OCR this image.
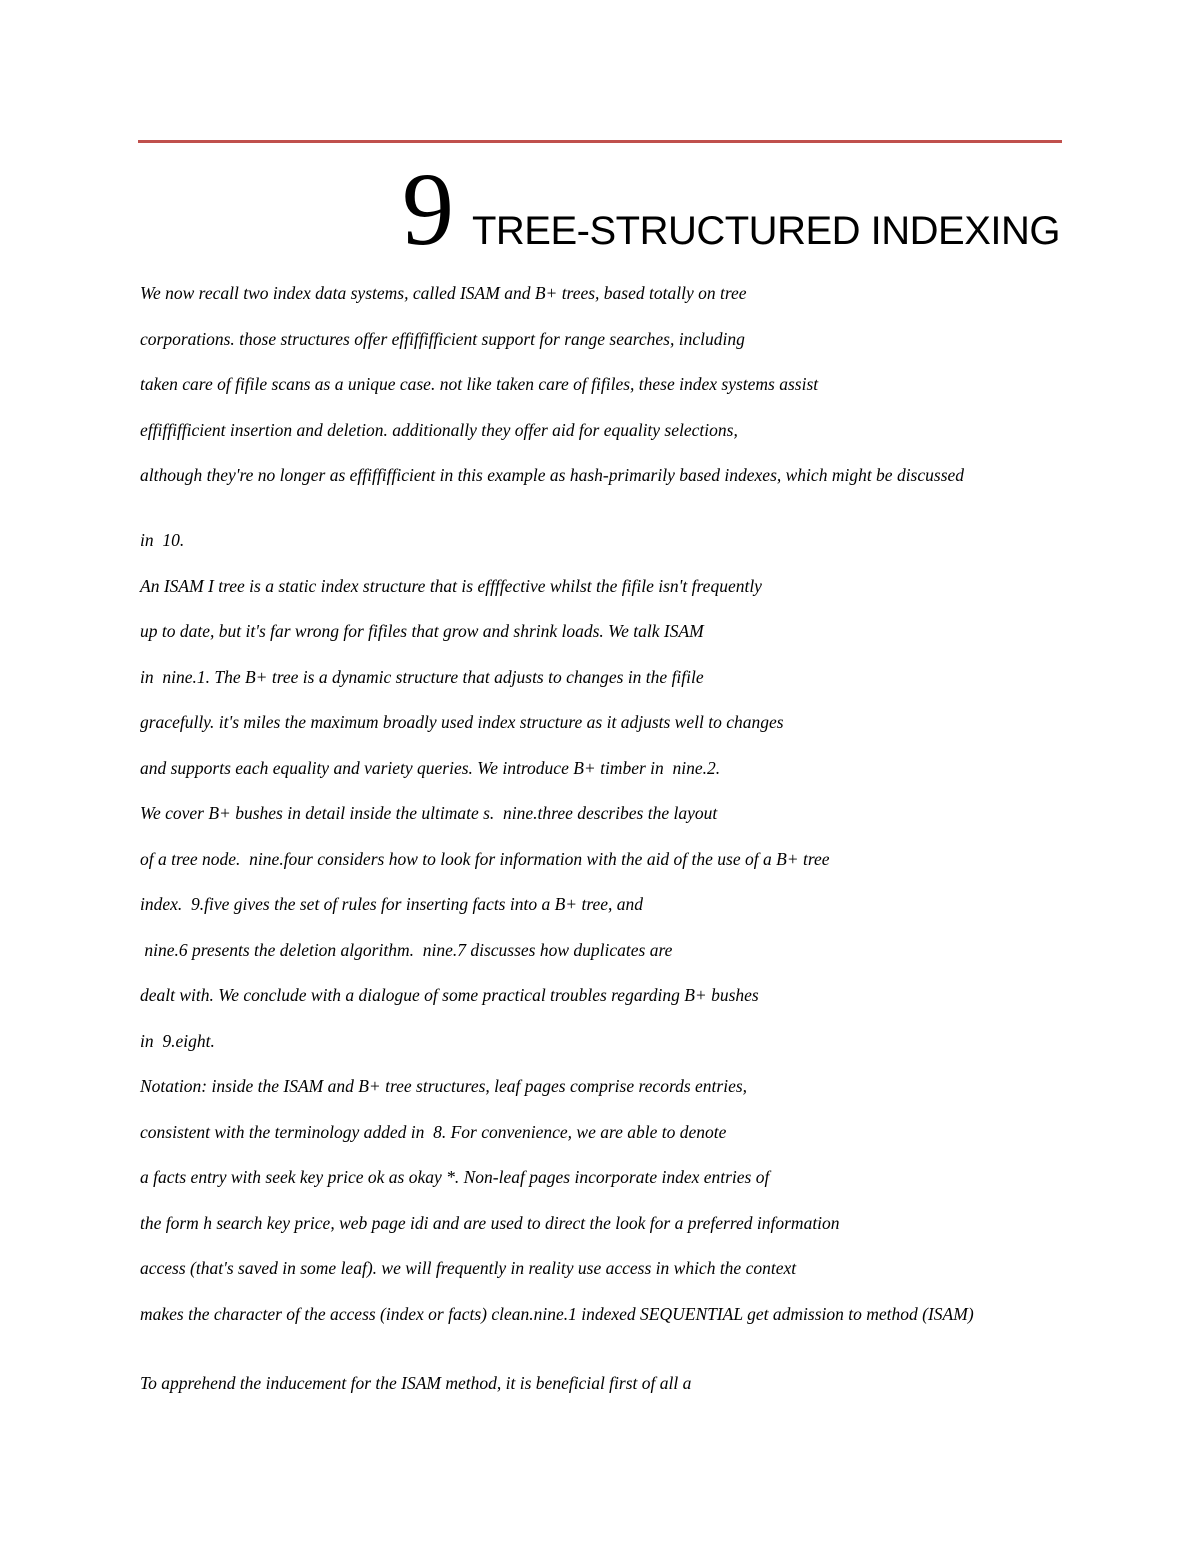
9 TREE-STRUCTURED INDEXING

We now recall two index data systems, called ISAM and B+ trees, based totally on tree

corporations. those structures offer effiffifficient support for range searches, including

taken care of fifile scans as a unique case. not like taken care of fifiles, these index systems assist

effiffifficient insertion and deletion. additionally they offer aid for equality selections,

although they're no longer as effiffifficient in this example as hash-primarily based indexes, which might be discussed

in  10.

An ISAM I tree is a static index structure that is effffective whilst the fifile isn't frequently

up to date, but it's far wrong for fifiles that grow and shrink loads. We talk ISAM

in  nine.1. The B+ tree is a dynamic structure that adjusts to changes in the fifile

gracefully. it's miles the maximum broadly used index structure as it adjusts well to changes

and supports each equality and variety queries. We introduce B+ timber in  nine.2.

We cover B+ bushes in detail inside the ultimate s.  nine.three describes the layout

of a tree node.  nine.four considers how to look for information with the aid of the use of a B+ tree

index.  9.five gives the set of rules for inserting facts into a B+ tree, and

nine.6 presents the deletion algorithm.  nine.7 discusses how duplicates are

dealt with. We conclude with a dialogue of some practical troubles regarding B+ bushes

in  9.eight.

Notation: inside the ISAM and B+ tree structures, leaf pages comprise records entries,

consistent with the terminology added in  8. For convenience, we are able to denote

a facts entry with seek key price ok as okay *. Non-leaf pages incorporate index entries of

the form h search key price, web page idi and are used to direct the look for a preferred information

access (that's saved in some leaf). we will frequently in reality use access in which the context

makes the character of the access (index or facts) clean.nine.1 indexed SEQUENTIAL get admission to method (ISAM)

To apprehend the inducement for the ISAM method, it is beneficial first of all a
